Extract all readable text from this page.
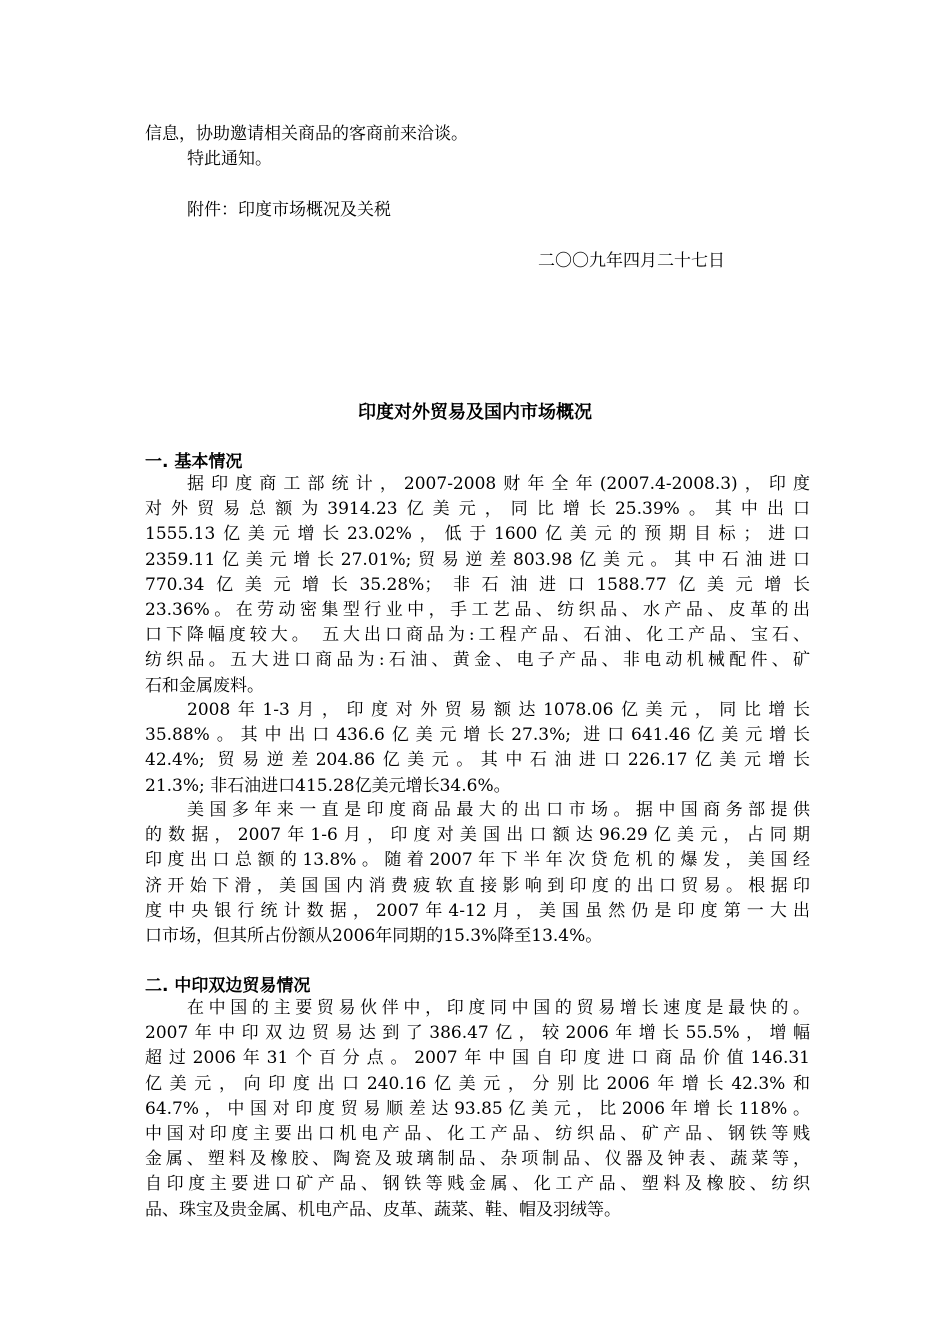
信息，协助邀请相关商品的客商前来洽谈。
特此通知。
附件：印度市场概况及关税
二〇〇九年四月二十七日
印度对外贸易及国内市场概况
一. 基本情况
据印度商工部统计，2007-2008财年全年(2007.4-2008.3)，印度
对外贸易总额为3914.23亿美元，同比增长25.39%。其中出口
1555.13亿美元增长23.02%，低于1600亿美元的预期目标；进口
2359.11亿美元增长27.01%;贸易逆差803.98亿美元。其中石油进口
770.34亿美元增长35.28%；非石油进口1588.77亿美元增长
23.36%。在劳动密集型行业中，手工艺品、纺织品、水产品、皮革的出
口下降幅度较大。 五大出口商品为:工程产品、石油、化工产品、宝石、
纺织品。五大进口商品为:石油、黄金、电子产品、非电动机械配件、矿
石和金属废料。
2008年1-3月，印度对外贸易额达1078.06亿美元，同比增长
35.88%。其中出口436.6亿美元增长27.3%; 进口641.46亿美元增长
42.4%; 贸易逆差204.86亿美元。其中石油进口226.17亿美元增长
21.3%; 非石油进口415.28亿美元增长34.6%。
美国多年来一直是印度商品最大的出口市场。据中国商务部提供
的数据，2007年1-6月，印度对美国出口额达96.29亿美元，占同期
印度出口总额的13.8%。随着2007年下半年次贷危机的爆发，美国经
济开始下滑，美国国内消费疲软直接影响到印度的出口贸易。根据印
度中央银行统计数据，2007年4-12月，美国虽然仍是印度第一大出
口市场，但其所占份额从2006年同期的15.3%降至13.4%。
二. 中印双边贸易情况
在中国的主要贸易伙伴中，印度同中国的贸易增长速度是最快的。
2007年中印双边贸易达到了386.47亿，较2006年增长55.5%，增幅
超过2006年31个百分点。2007年中国自印度进口商品价值146.31
亿美元，向印度出口240.16亿美元，分别比2006年增长42.3%和
64.7%，中国对印度贸易顺差达93.85亿美元，比2006年增长118%。
中国对印度主要出口机电产品、化工产品、纺织品、矿产品、钢铁等贱
金属、塑料及橡胶、陶瓷及玻璃制品、杂项制品、仪器及钟表、蔬菜等，
自印度主要进口矿产品、钢铁等贱金属、化工产品、塑料及橡胶、纺织
品、珠宝及贵金属、机电产品、皮革、蔬菜、鞋、帽及羽绒等。
